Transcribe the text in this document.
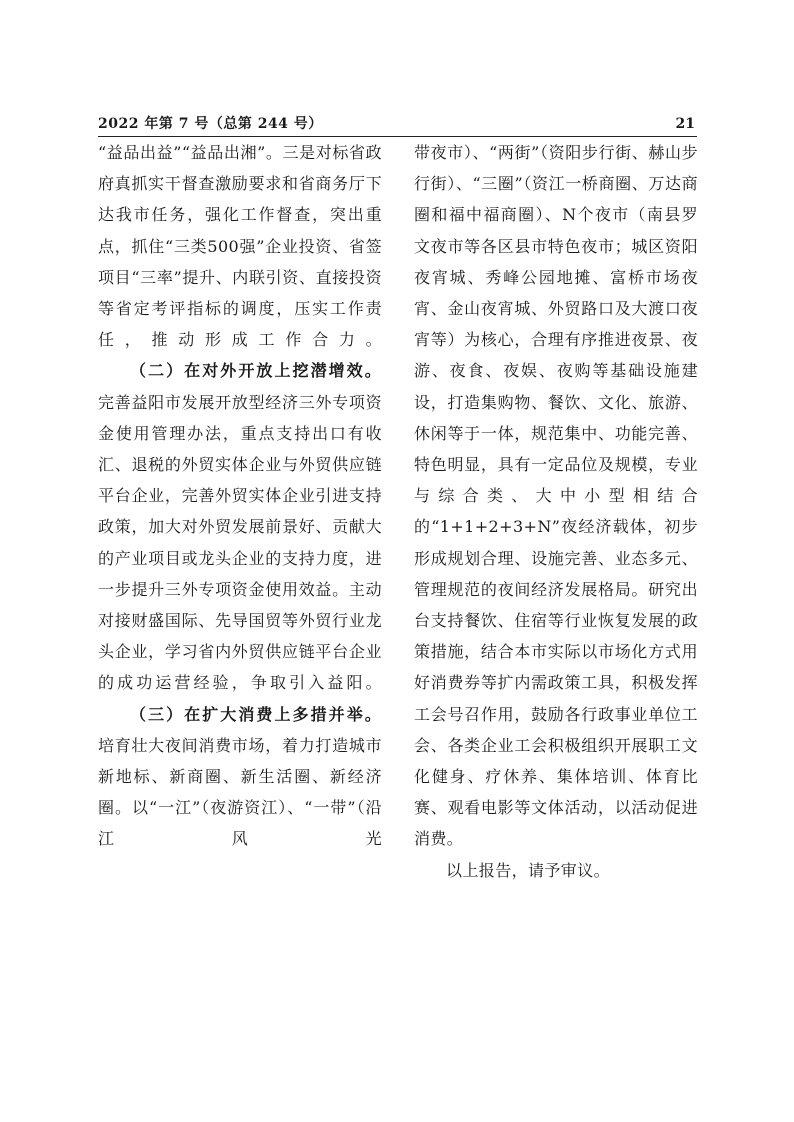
2022 年第 7 号（总第 244 号）	21

“益品出益”“益品出湘”。三是对标省政府真抓实干督查激励要求和省商务厅下达我市任务，强化工作督查，突出重点，抓住“三类500强”企业投资、省签项目“三率”提升、内联引资、直接投资等省定考评指标的调度，压实工作责任，推动形成工作合力。

（二）在对外开放上挖潜增效。完善益阳市发展开放型经济三外专项资金使用管理办法，重点支持出口有收汇、退税的外贸实体企业与外贸供应链平台企业，完善外贸实体企业引进支持政策，加大对外贸发展前景好、贡献大的产业项目或龙头企业的支持力度，进一步提升三外专项资金使用效益。主动对接财盛国际、先导国贸等外贸行业龙头企业，学习省内外贸供应链平台企业的成功运营经验，争取引入益阳。

（三）在扩大消费上多措并举。培育壮大夜间消费市场，着力打造城市新地标、新商圈、新生活圈、新经济圈。以“一江”（夜游资江）、“一带”（沿江风光

带夜市）、“两街”（资阳步行街、赫山步行街）、“三圈”（资江一桥商圈、万达商圈和福中福商圈）、N个夜市（南县罗文夜市等各区县市特色夜市；城区资阳夜宵城、秀峰公园地摊、富桥市场夜宵、金山夜宵城、外贸路口及大渡口夜宵等）为核心，合理有序推进夜景、夜游、夜食、夜娱、夜购等基础设施建设，打造集购物、餐饮、文化、旅游、休闲等于一体，规范集中、功能完善、特色明显，具有一定品位及规模，专业与综合类、大中小型相结合的“1+1+2+3+N”夜经济载体，初步形成规划合理、设施完善、业态多元、管理规范的夜间经济发展格局。研究出台支持餐饮、住宿等行业恢复发展的政策措施，结合本市实际以市场化方式用好消费券等扩内需政策工具，积极发挥工会号召作用，鼓励各行政事业单位工会、各类企业工会积极组织开展职工文化健身、疗休养、集体培训、体育比赛、观看电影等文体活动，以活动促进消费。

以上报告，请予审议。
